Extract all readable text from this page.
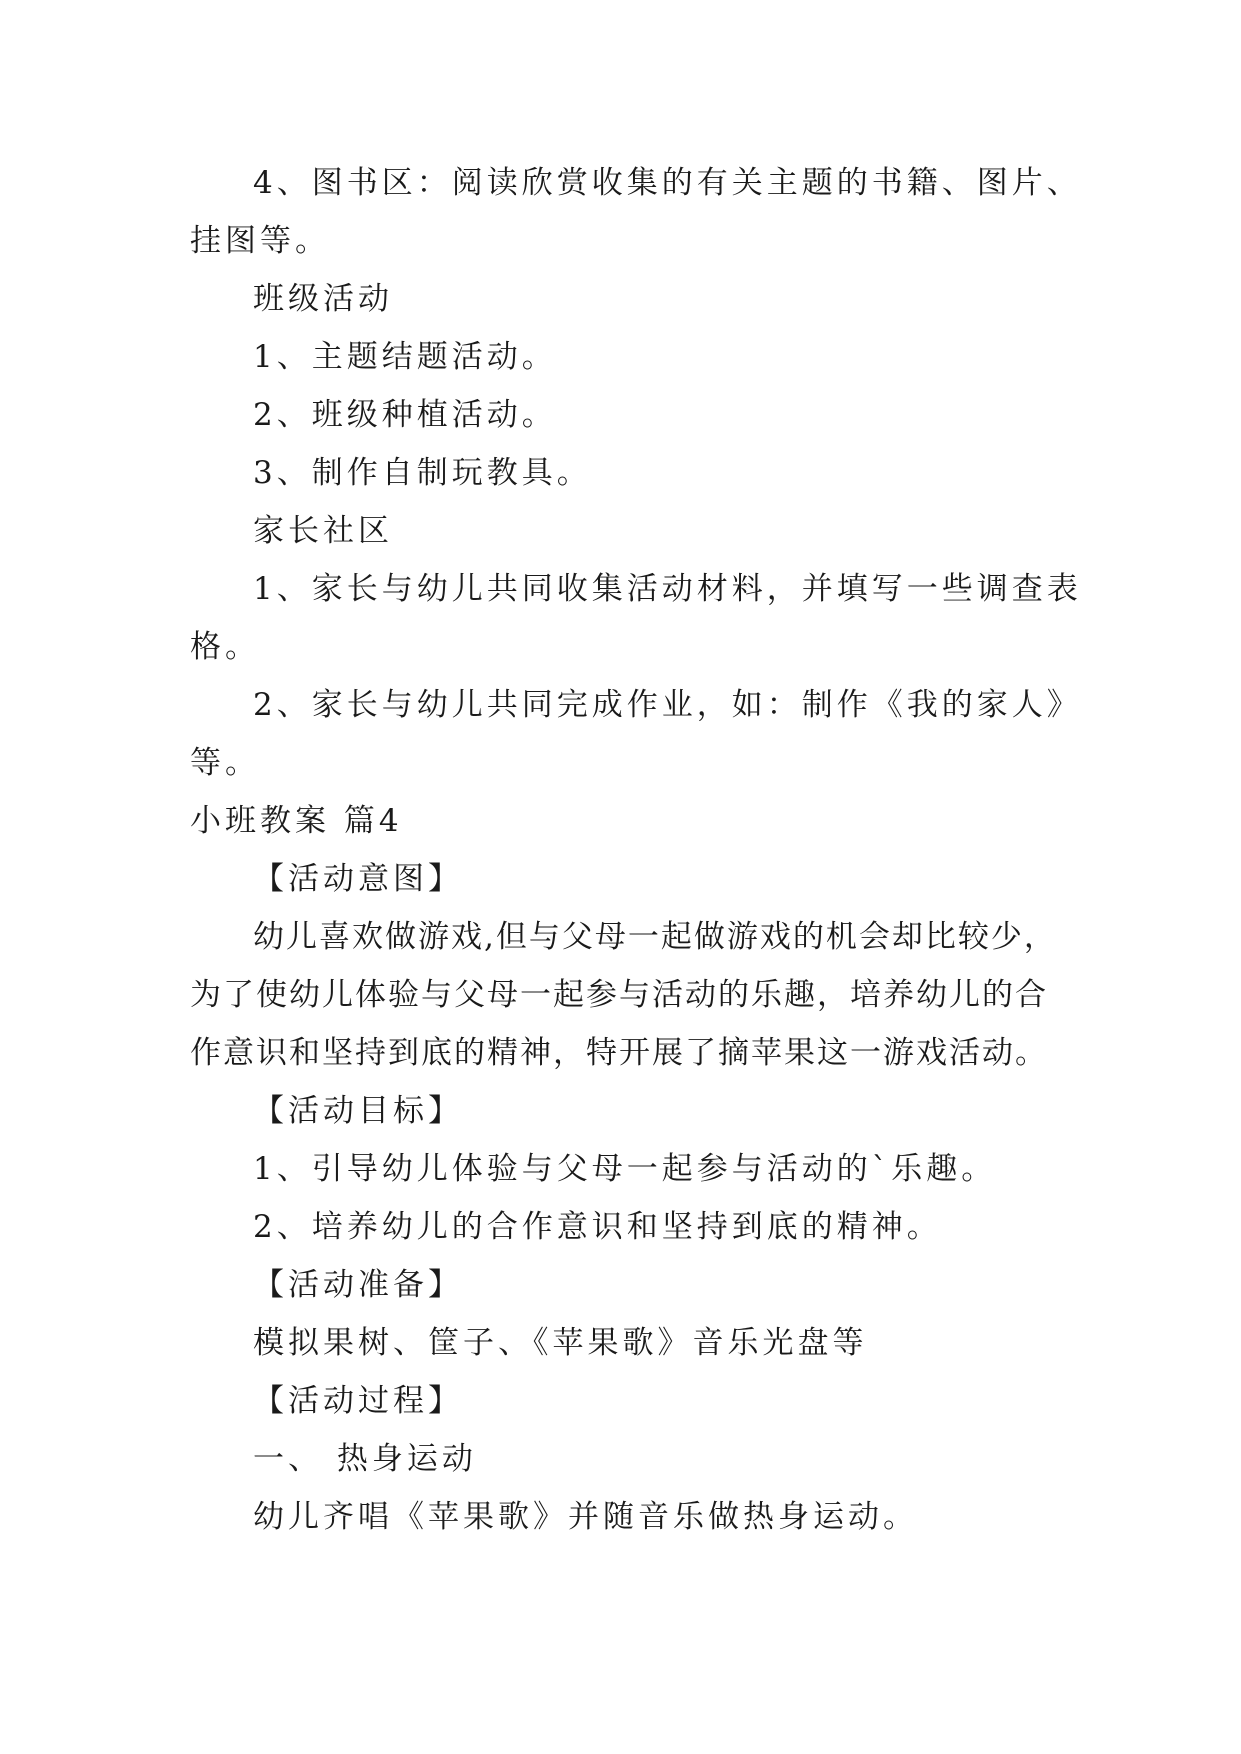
4、图书区：阅读欣赏收集的有关主题的书籍、图片、
挂图等。
班级活动
1、主题结题活动。
2、班级种植活动。
3、制作自制玩教具。
家长社区
1、家长与幼儿共同收集活动材料，并填写一些调查表
格。
2、家长与幼儿共同完成作业，如：制作《我的家人》
等。
小班教案 篇4
【活动意图】
幼儿喜欢做游戏,但与父母一起做游戏的机会却比较少，
为了使幼儿体验与父母一起参与活动的乐趣，培养幼儿的合
作意识和坚持到底的精神，特开展了摘苹果这一游戏活动。
【活动目标】
1、引导幼儿体验与父母一起参与活动的`乐趣。
2、培养幼儿的合作意识和坚持到底的精神。
【活动准备】
模拟果树、筐子、《苹果歌》音乐光盘等
【活动过程】
一、 热身运动
幼儿齐唱《苹果歌》并随音乐做热身运动。
